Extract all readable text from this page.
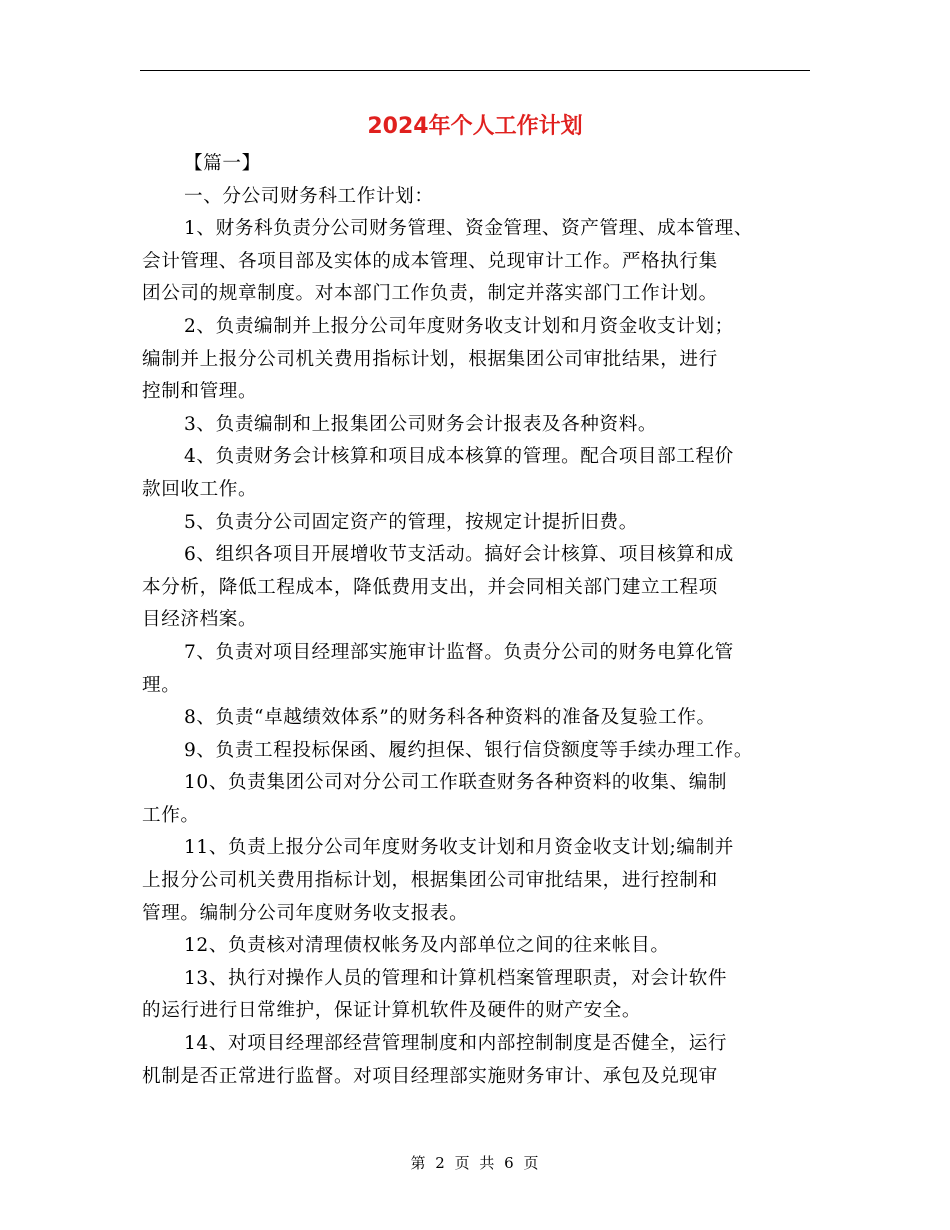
2024年个人工作计划
【篇一】
一、分公司财务科工作计划：
1、财务科负责分公司财务管理、资金管理、资产管理、成本管理、
会计管理、各项目部及实体的成本管理、兑现审计工作。严格执行集
团公司的规章制度。对本部门工作负责，制定并落实部门工作计划。
2、负责编制并上报分公司年度财务收支计划和月资金收支计划；
编制并上报分公司机关费用指标计划，根据集团公司审批结果，进行
控制和管理。
3、负责编制和上报集团公司财务会计报表及各种资料。
4、负责财务会计核算和项目成本核算的管理。配合项目部工程价
款回收工作。
5、负责分公司固定资产的管理，按规定计提折旧费。
6、组织各项目开展增收节支活动。搞好会计核算、项目核算和成
本分析，降低工程成本，降低费用支出，并会同相关部门建立工程项
目经济档案。
7、负责对项目经理部实施审计监督。负责分公司的财务电算化管
理。
8、负责“卓越绩效体系”的财务科各种资料的准备及复验工作。
9、负责工程投标保函、履约担保、银行信贷额度等手续办理工作。
10、负责集团公司对分公司工作联查财务各种资料的收集、编制
工作。
11、负责上报分公司年度财务收支计划和月资金收支计划;编制并
上报分公司机关费用指标计划，根据集团公司审批结果，进行控制和
管理。编制分公司年度财务收支报表。
12、负责核对清理债权帐务及内部单位之间的往来帐目。
13、执行对操作人员的管理和计算机档案管理职责，对会计软件
的运行进行日常维护，保证计算机软件及硬件的财产安全。
14、对项目经理部经营管理制度和内部控制制度是否健全，运行
机制是否正常进行监督。对项目经理部实施财务审计、承包及兑现审
第 2 页 共 6 页
